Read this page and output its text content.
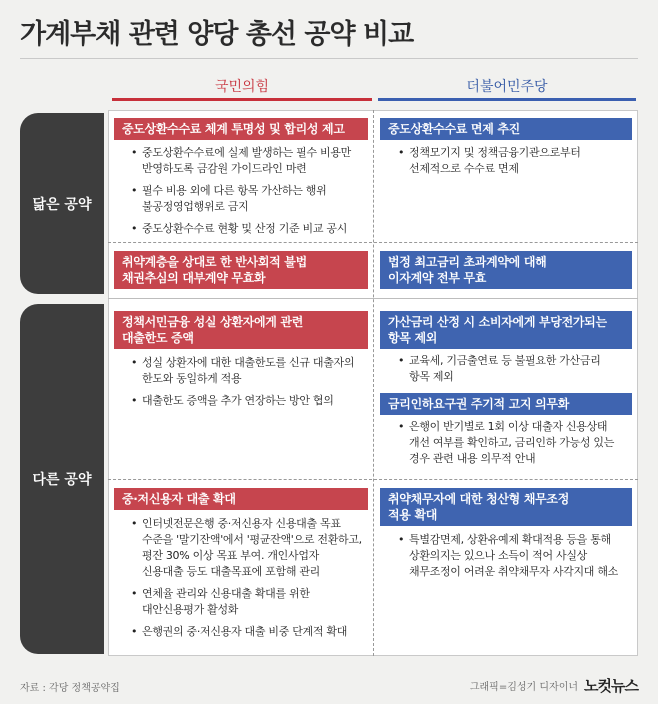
가계부채 관련 양당 총선 공약 비교
국민의힘	더불어민주당
닮은 공약
다른 공약
중도상환수수료 체계 투명성 및 합리성 제고
• 중도상환수수료에 실제 발생하는 필수 비용만
반영하도록 금감원 가이드라인 마련
• 필수 비용 외에 다른 항목 가산하는 행위
불공정영업행위로 금지
• 중도상환수수료 현황 및 산정 기준 비교 공시
중도상환수수료 면제 추진
• 정책모기지 및 정책금융기관으로부터
선제적으로 수수료 면제
취약계층을 상대로 한 반사회적 불법
채권추심의 대부계약 무효화
법정 최고금리 초과계약에 대해
이자계약 전부 무효
정책서민금융 성실 상환자에게 관련
대출한도 증액
• 성실 상환자에 대한 대출한도를 신규 대출자의
한도와 동일하게 적용
• 대출한도 증액을 추가 연장하는 방안 협의
가산금리 산정 시 소비자에게 부당전가되는
항목 제외
• 교육세, 기금출연료 등 불필요한 가산금리
항목 제외
금리인하요구권 주기적 고지 의무화
• 은행이 반기별로 1회 이상 대출자 신용상태
개선 여부를 확인하고, 금리인하 가능성 있는
경우 관련 내용 의무적 안내
중·저신용자 대출 확대
• 인터넷전문은행 중·저신용자 신용대출 목표
수준을 '말기잔액'에서 '평균잔액'으로 전환하고,
평잔 30% 이상 목표 부여. 개인사업자
신용대출 등도 대출목표에 포함해 관리
• 연체율 관리와 신용대출 확대를 위한
대안신용평가 활성화
• 은행권의 중·저신용자 대출 비중 단계적 확대
취약채무자에 대한 청산형 채무조정
적용 확대
• 특별감면제, 상환유예제 확대적용 등을 통해
상환의지는 있으나 소득이 적어 사실상
채무조정이 어려운 취약채무자 사각지대 해소
자료 : 각당 정책공약집	그래픽=김성기 디자이너 노컷뉴스
